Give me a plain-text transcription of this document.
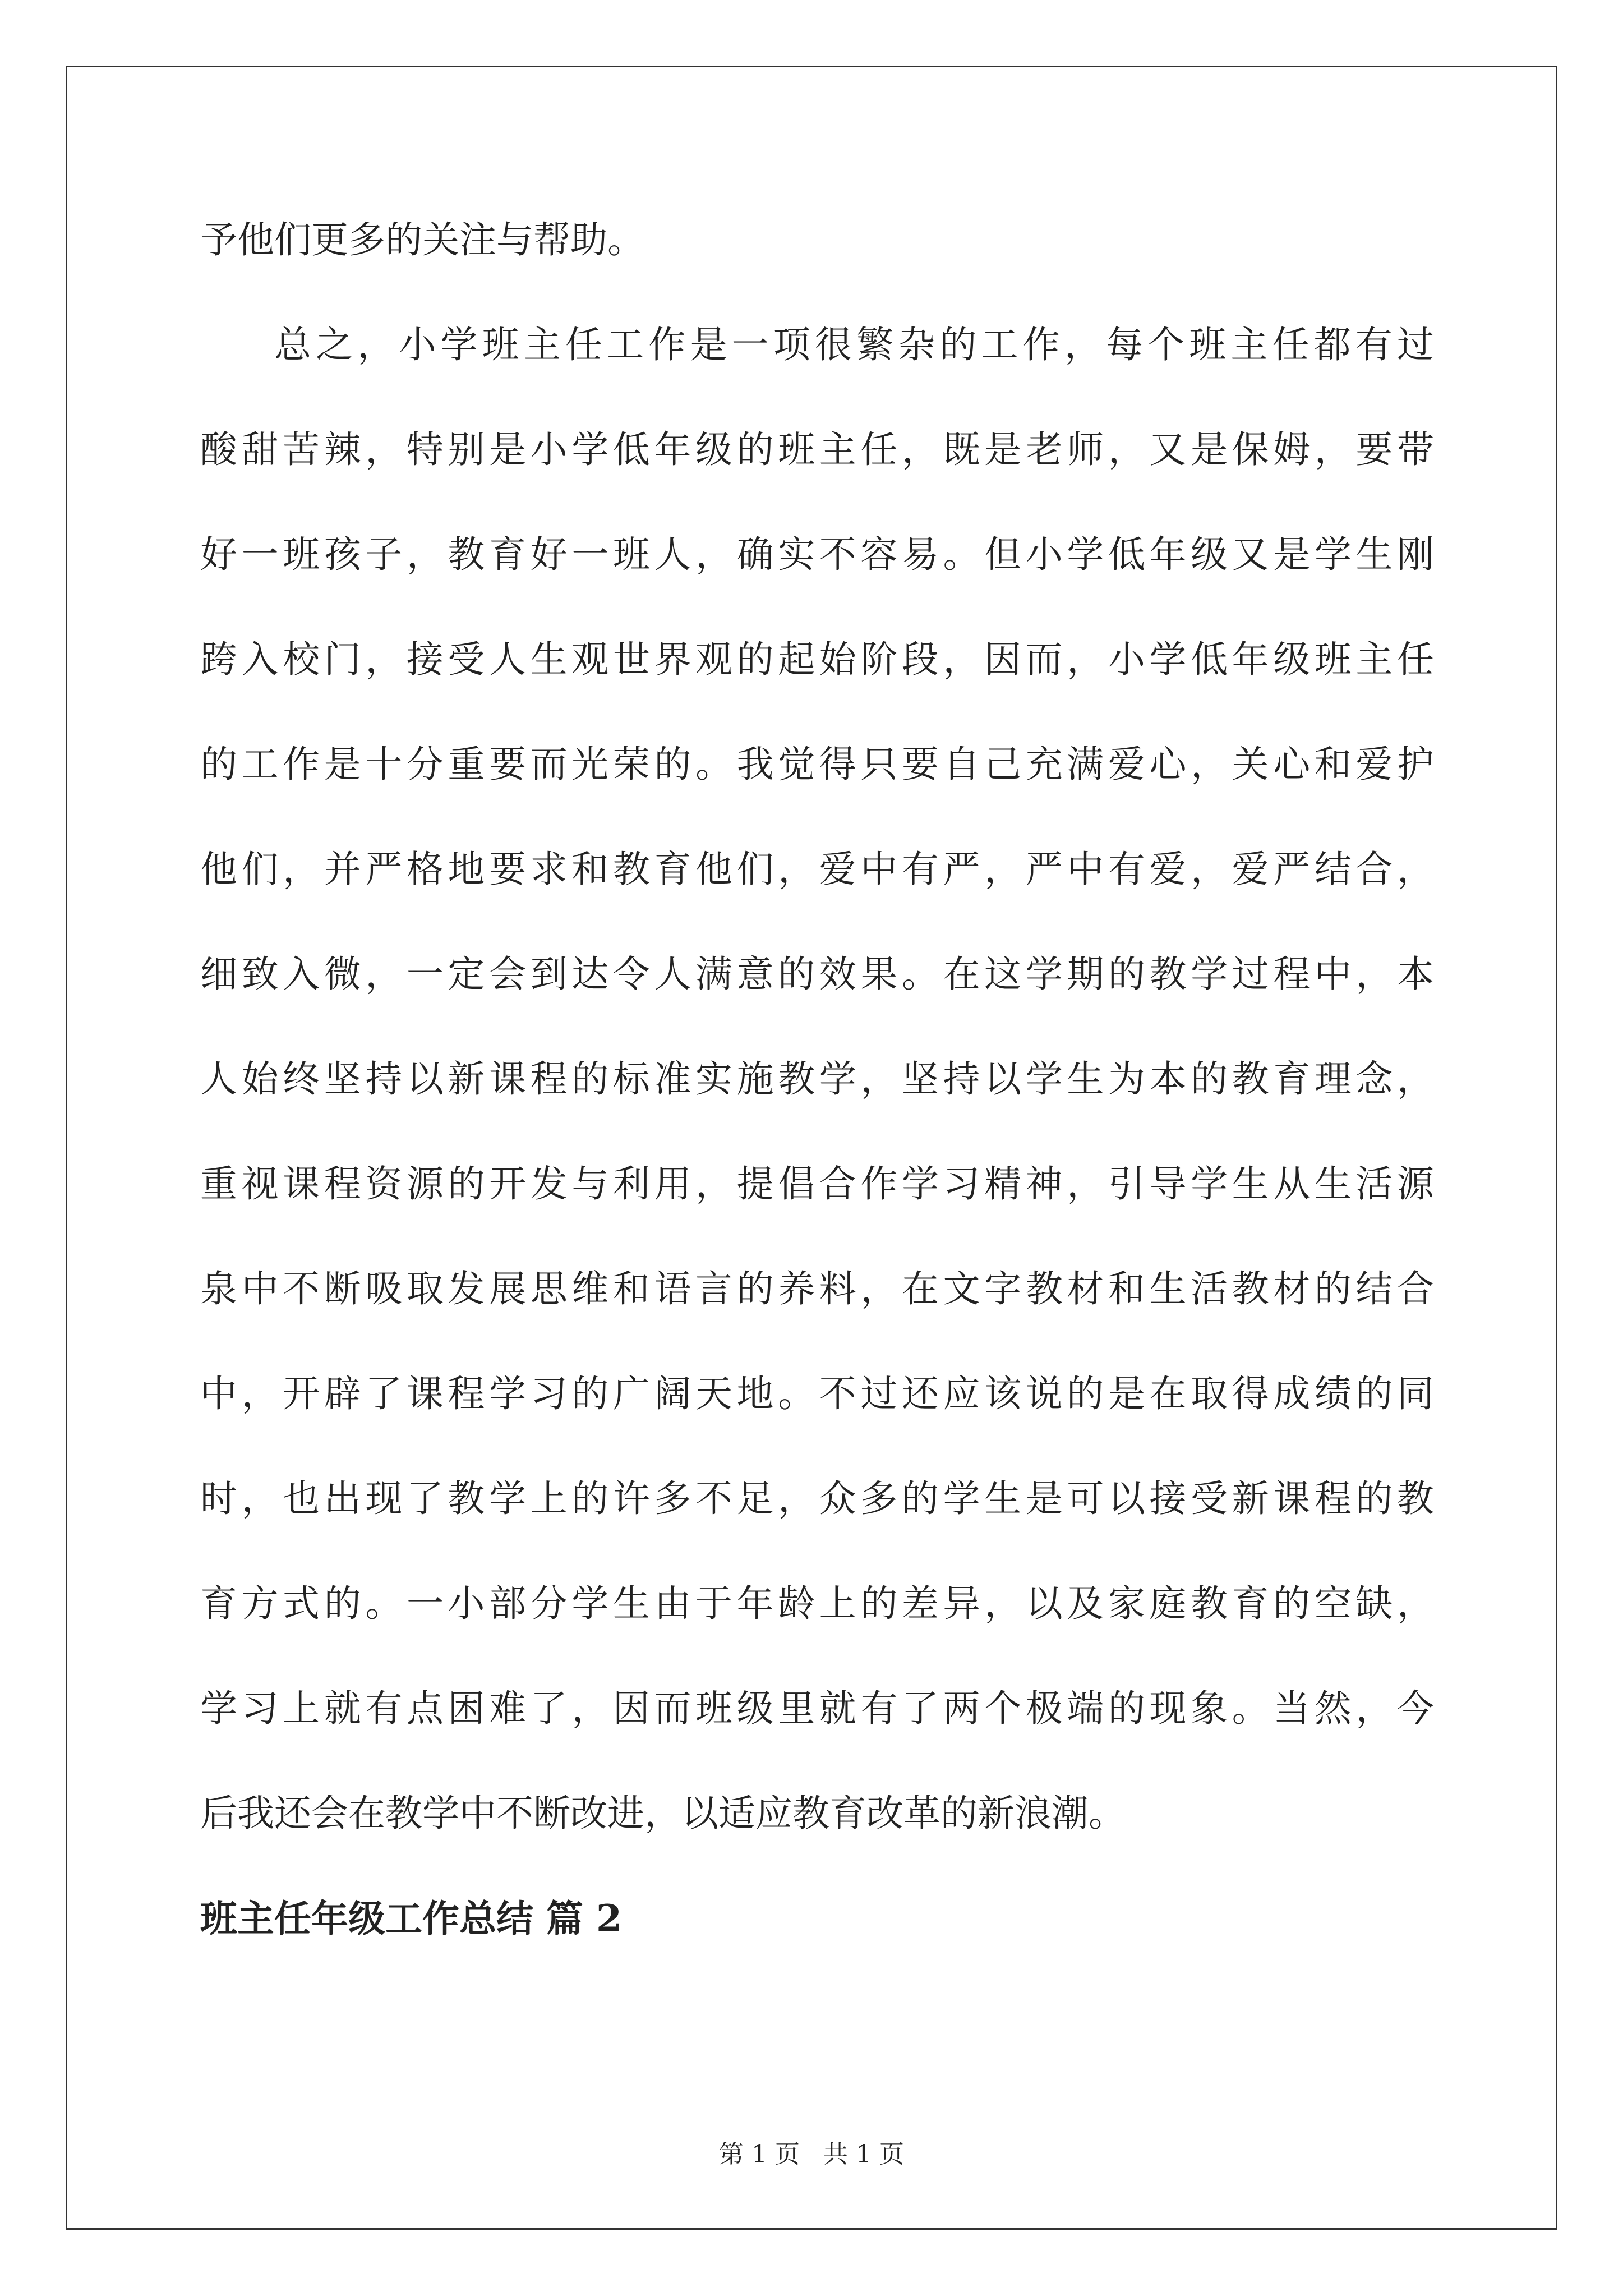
予他们更多的关注与帮助。

总之，小学班主任工作是一项很繁杂的工作，每个班主任都有过

酸甜苦辣，特别是小学低年级的班主任，既是老师，又是保姆，要带

好一班孩子，教育好一班人，确实不容易。但小学低年级又是学生刚

跨入校门，接受人生观世界观的起始阶段，因而，小学低年级班主任

的工作是十分重要而光荣的。我觉得只要自己充满爱心，关心和爱护

他们，并严格地要求和教育他们，爱中有严，严中有爱，爱严结合，

细致入微，一定会到达令人满意的效果。在这学期的教学过程中，本

人始终坚持以新课程的标准实施教学，坚持以学生为本的教育理念，

重视课程资源的开发与利用，提倡合作学习精神，引导学生从生活源

泉中不断吸取发展思维和语言的养料，在文字教材和生活教材的结合

中，开辟了课程学习的广阔天地。不过还应该说的是在取得成绩的同

时，也出现了教学上的许多不足，众多的学生是可以接受新课程的教

育方式的。一小部分学生由于年龄上的差异，以及家庭教育的空缺，

学习上就有点困难了，因而班级里就有了两个极端的现象。当然，今

后我还会在教学中不断改进，以适应教育改革的新浪潮。

班主任年级工作总结 篇 2
第 1 页 共 1 页
